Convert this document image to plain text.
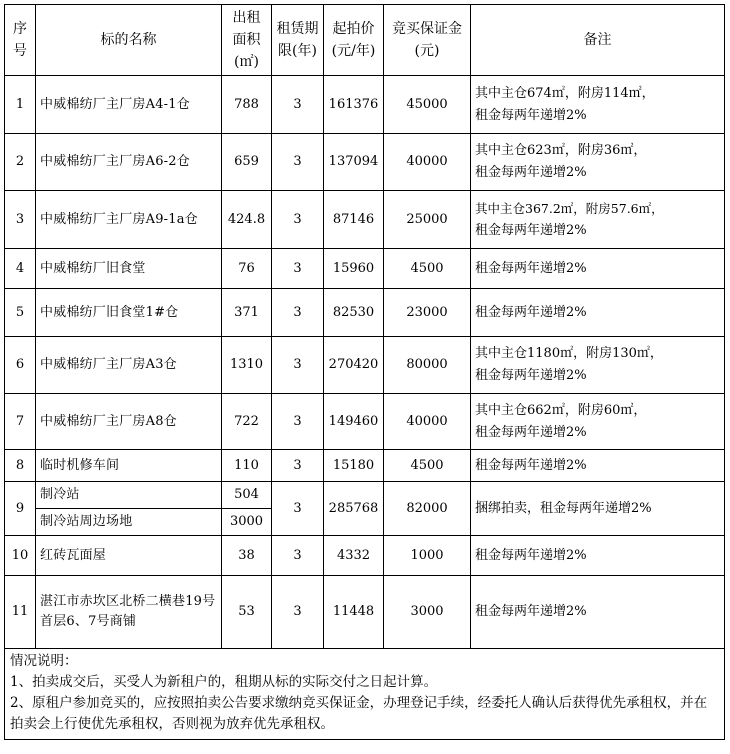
序号	标的名称	出租面积(㎡)	租赁期限(年)	起拍价(元/年)	竞买保证金(元)	备注
1	中威棉纺厂主厂房A4-1仓	788	3	161376	45000	其中主仓674㎡，附房114㎡，
租金每两年递增2%

2	中威棉纺厂主厂房A6-2仓	659	3	137094	40000	其中主仓623㎡，附房36㎡，
租金每两年递增2%

3	中威棉纺厂主厂房A9-1a仓	424.8	3	87146	25000	其中主仓367.2㎡，附房57.6㎡，
租金每两年递增2%

4	中威棉纺厂旧食堂	76	3	15960	4500	租金每两年递增2%
5	中威棉纺厂旧食堂1#仓	371	3	82530	23000	租金每两年递增2%
6	中威棉纺厂主厂房A3仓	1310	3	270420	80000	其中主仓1180㎡，附房130㎡，
租金每两年递增2%

7	中威棉纺厂主厂房A8仓	722	3	149460	40000	其中主仓662㎡，附房60㎡，
租金每两年递增2%

8	临时机修车间	110	3	15180	4500	租金每两年递增2%
9	制冷站	504	3	285768	82000	捆绑拍卖，租金每两年递增2%
	制冷站周边场地	3000				
10	红砖瓦面屋	38	3	4332	1000	租金每两年递增2%
11	湛江市赤坎区北桥二横巷19号首层6、7号商铺	53	3	11448	3000	租金每两年递增2%

情况说明：
1、拍卖成交后，买受人为新租户的，租期从标的实际交付之日起计算。
2、原租户参加竞买的，应按照拍卖公告要求缴纳竞买保证金，办理登记手续，经委托人确认后获得优先承租权，并在拍卖会上行使优先承租权，否则视为放弃优先承租权。						
